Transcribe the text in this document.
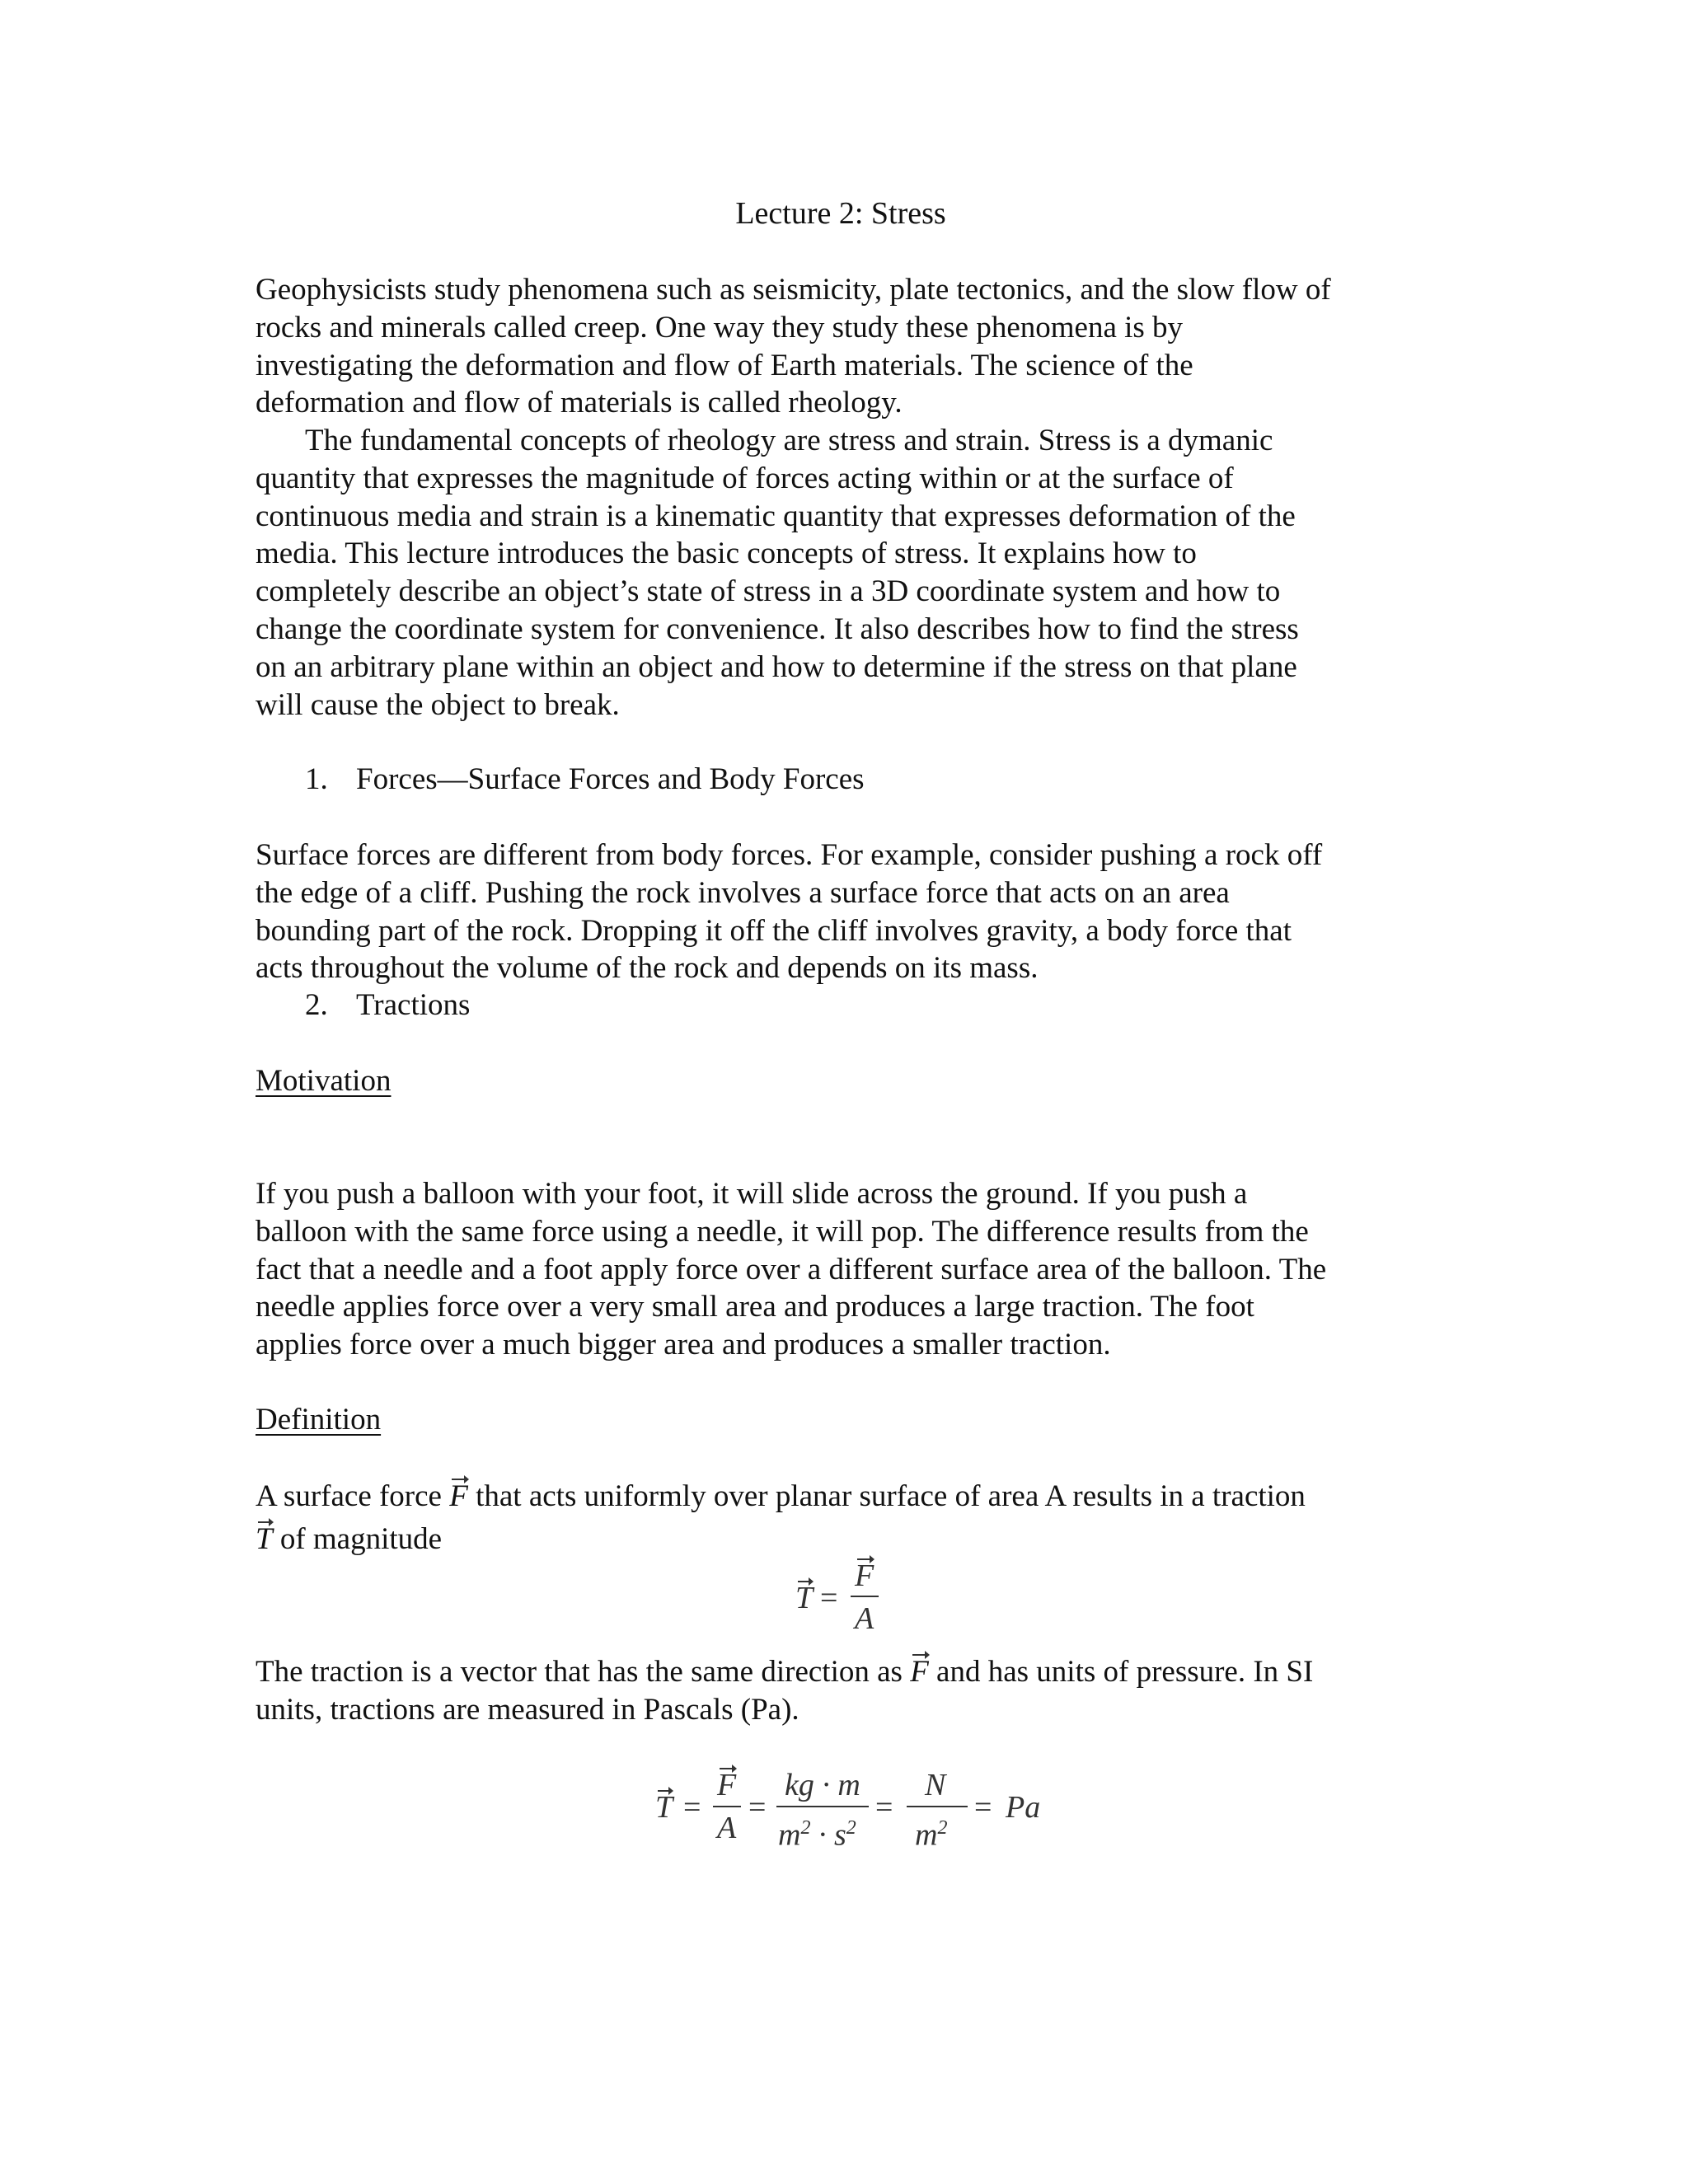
Lecture 2: Stress

Geophysicists study phenomena such as seismicity, plate tectonics, and the slow flow of
rocks and minerals called creep. One way they study these phenomena is by
investigating the deformation and flow of Earth materials. The science of the
deformation and flow of materials is called rheology.

The fundamental concepts of rheology are stress and strain. Stress is a dymanic
quantity that expresses the magnitude of forces acting within or at the surface of
continuous media and strain is a kinematic quantity that expresses deformation of the
media. This lecture introduces the basic concepts of stress. It explains how to
completely describe an object’s state of stress in a 3D coordinate system and how to
change the coordinate system for convenience. It also describes how to find the stress
on an arbitrary plane within an object and how to determine if the stress on that plane
will cause the object to break.

1. Forces—Surface Forces and Body Forces

Surface forces are different from body forces. For example, consider pushing a rock off
the edge of a cliff. Pushing the rock involves a surface force that acts on an area
bounding part of the rock. Dropping it off the cliff involves gravity, a body force that
acts throughout the volume of the rock and depends on its mass.

2. Tractions
Motivation

If you push a balloon with your foot, it will slide across the ground. If you push a
balloon with the same force using a needle, it will pop. The difference results from the
fact that a needle and a foot apply force over a different surface area of the balloon. The
needle applies force over a very small area and produces a large traction. The foot
applies force over a much bigger area and produces a smaller traction.

Definition

A surface force F that acts uniformly over planar surface of area A results in a traction
T of magnitude

T =
F
A

The traction is a vector that has the same direction as F and has units of pressure. In SI
units, tractions are measured in Pascals (Pa).

T =
F
A
=
kg · m
$m^2 \cdot s^2$
=
N
$m^2$
= Pa
